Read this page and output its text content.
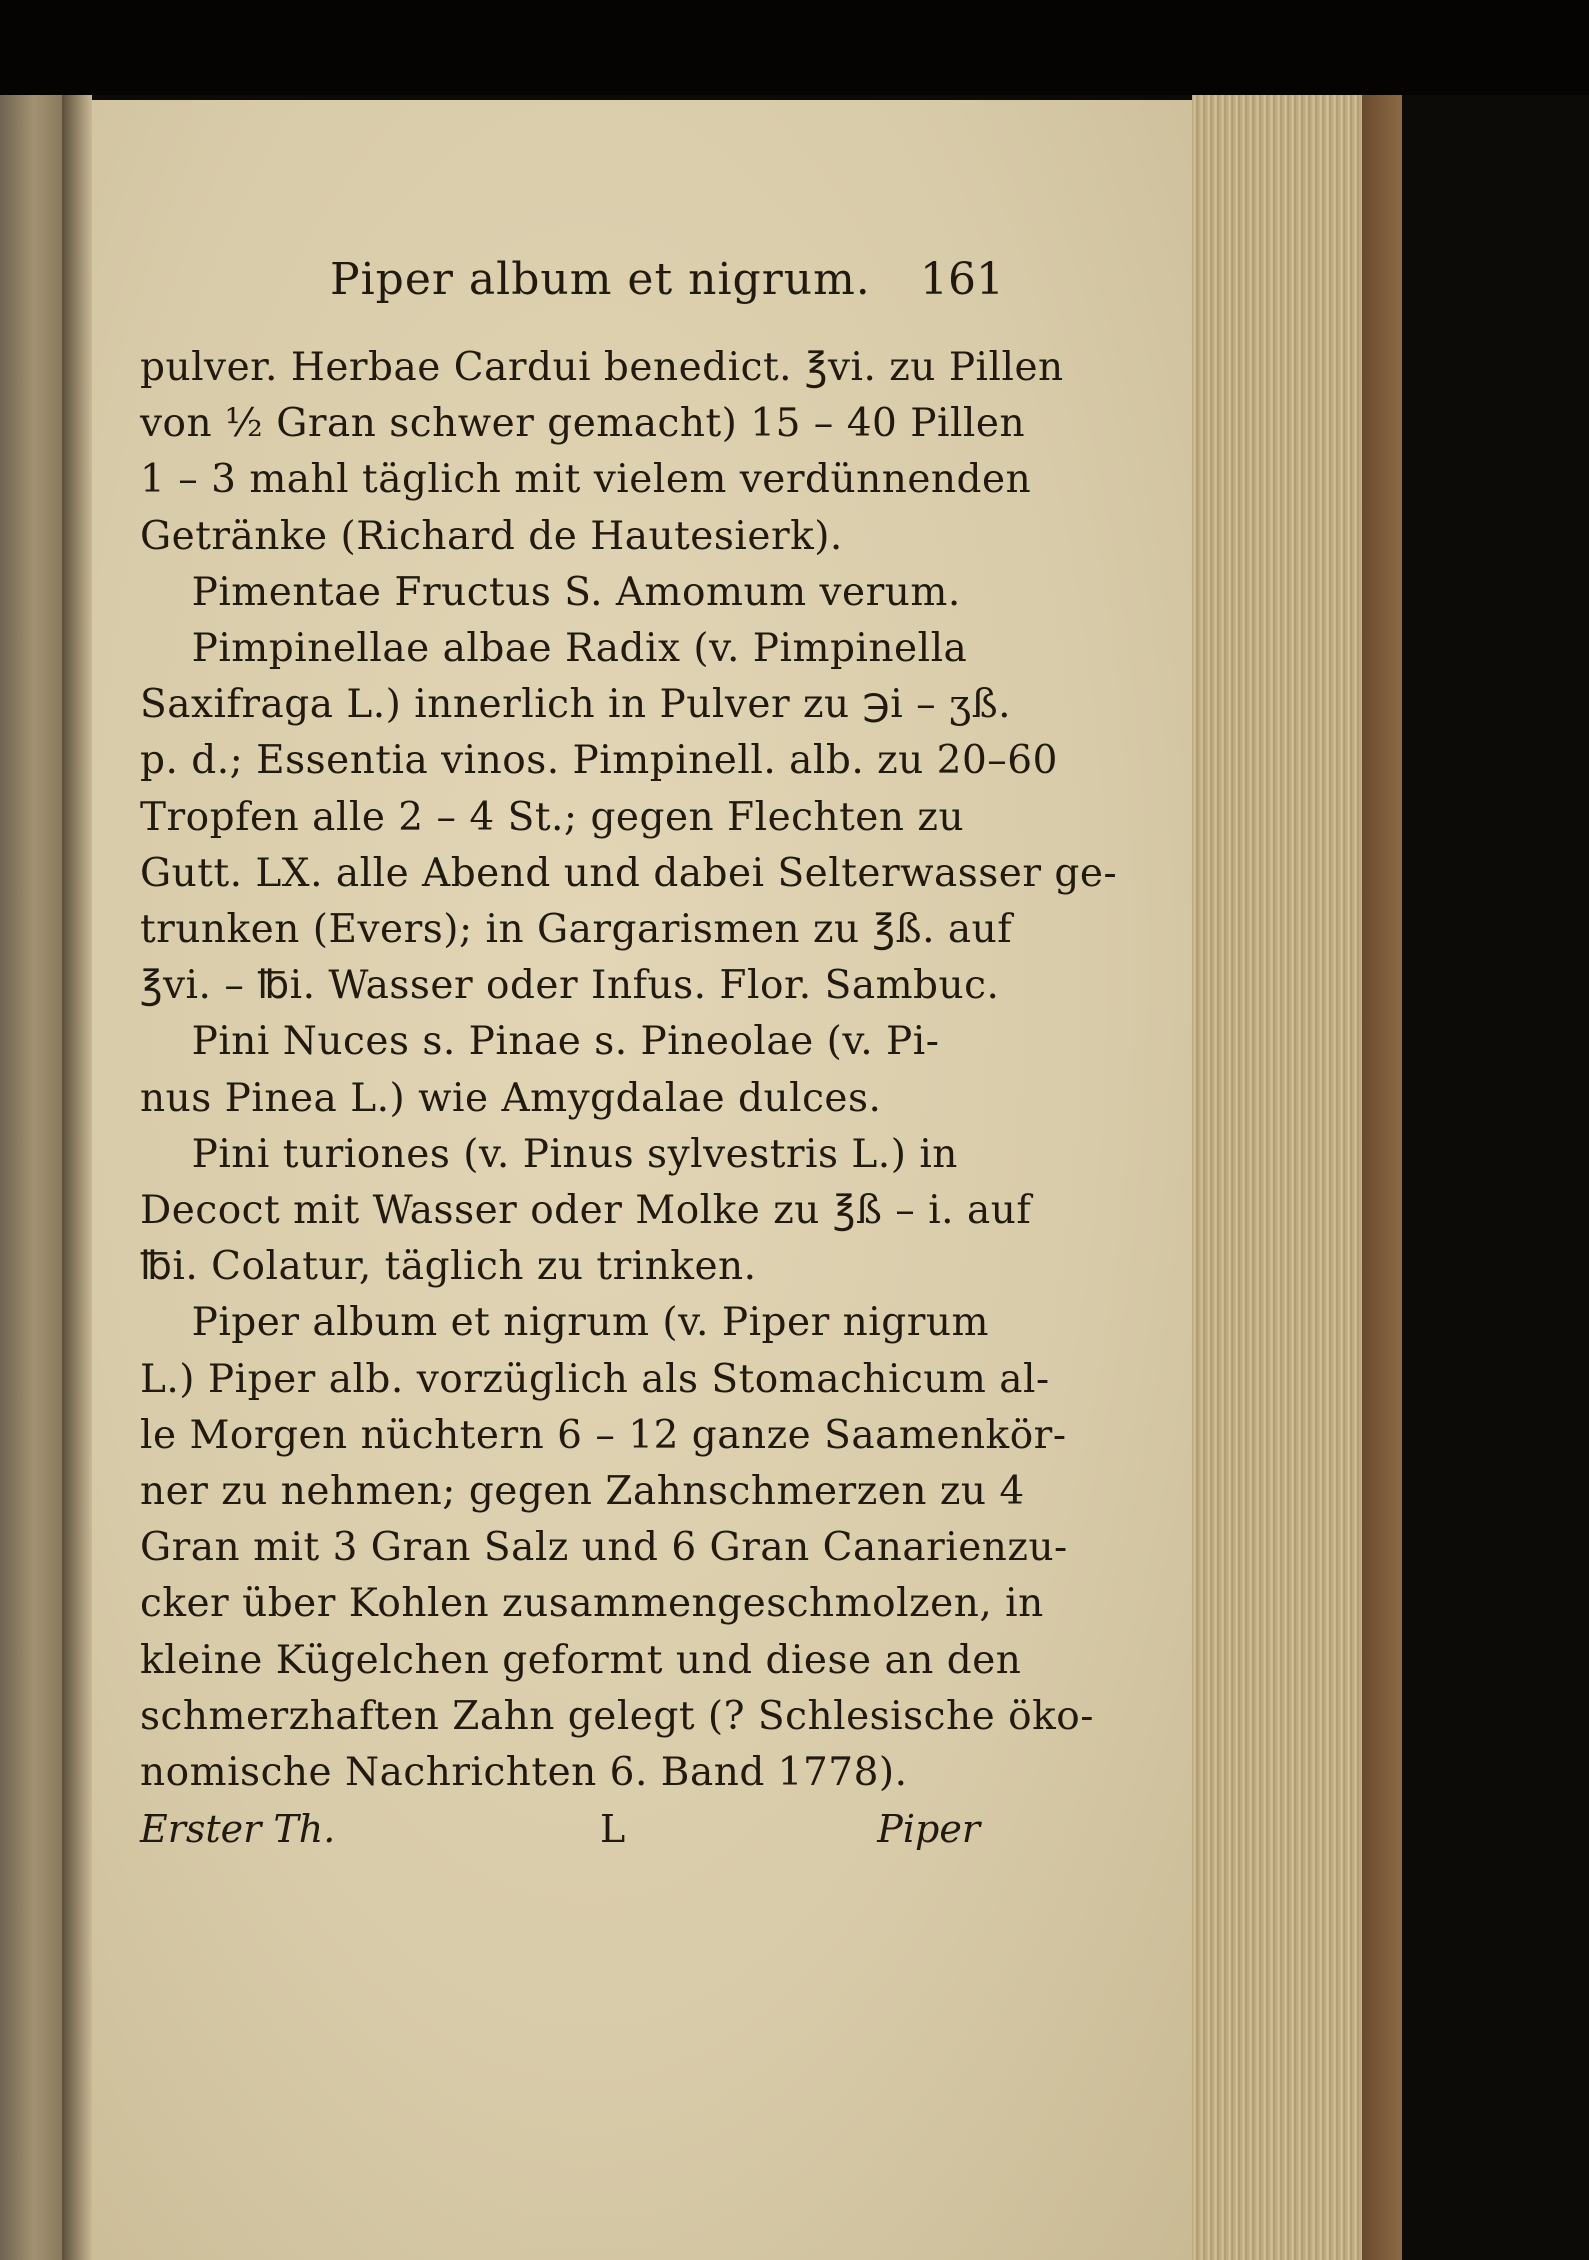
Piper album et nigrum. 161
pulver. Herbae Cardui benedict. ℥vi. zu Pillen
von ½ Gran schwer gemacht) 15 – 40 Pillen
1 – 3 mahl täglich mit vielem verdünnenden
Getränke (Richard de Hautesierk).
Pimentae Fructus S. Amomum verum.
Pimpinellae albae Radix (v. Pimpinella
Saxifraga L.) innerlich in Pulver zu ℈i – ʒß.
p. d.; Essentia vinos. Pimpinell. alb. zu 20–60
Tropfen alle 2 – 4 St.; gegen Flechten zu
Gutt. LX. alle Abend und dabei Selterwasser ge-
trunken (Evers); in Gargarismen zu ℥ß. auf
℥vi. – ℔i. Wasser oder Infus. Flor. Sambuc.
Pini Nuces s. Pinae s. Pineolae (v. Pi-
nus Pinea L.) wie Amygdalae dulces.
Pini turiones (v. Pinus sylvestris L.) in
Decoct mit Wasser oder Molke zu ℥ß – i. auf
℔i. Colatur, täglich zu trinken.
Piper album et nigrum (v. Piper nigrum
L.) Piper alb. vorzüglich als Stomachicum al-
le Morgen nüchtern 6 – 12 ganze Saamenkör-
ner zu nehmen; gegen Zahnschmerzen zu 4
Gran mit 3 Gran Salz und 6 Gran Canarienzu-
cker über Kohlen zusammengeschmolzen, in
kleine Kügelchen geformt und diese an den
schmerzhaften Zahn gelegt (? Schlesische öko-
nomische Nachrichten 6. Band 1778).
Erster Th.	L	Piper
